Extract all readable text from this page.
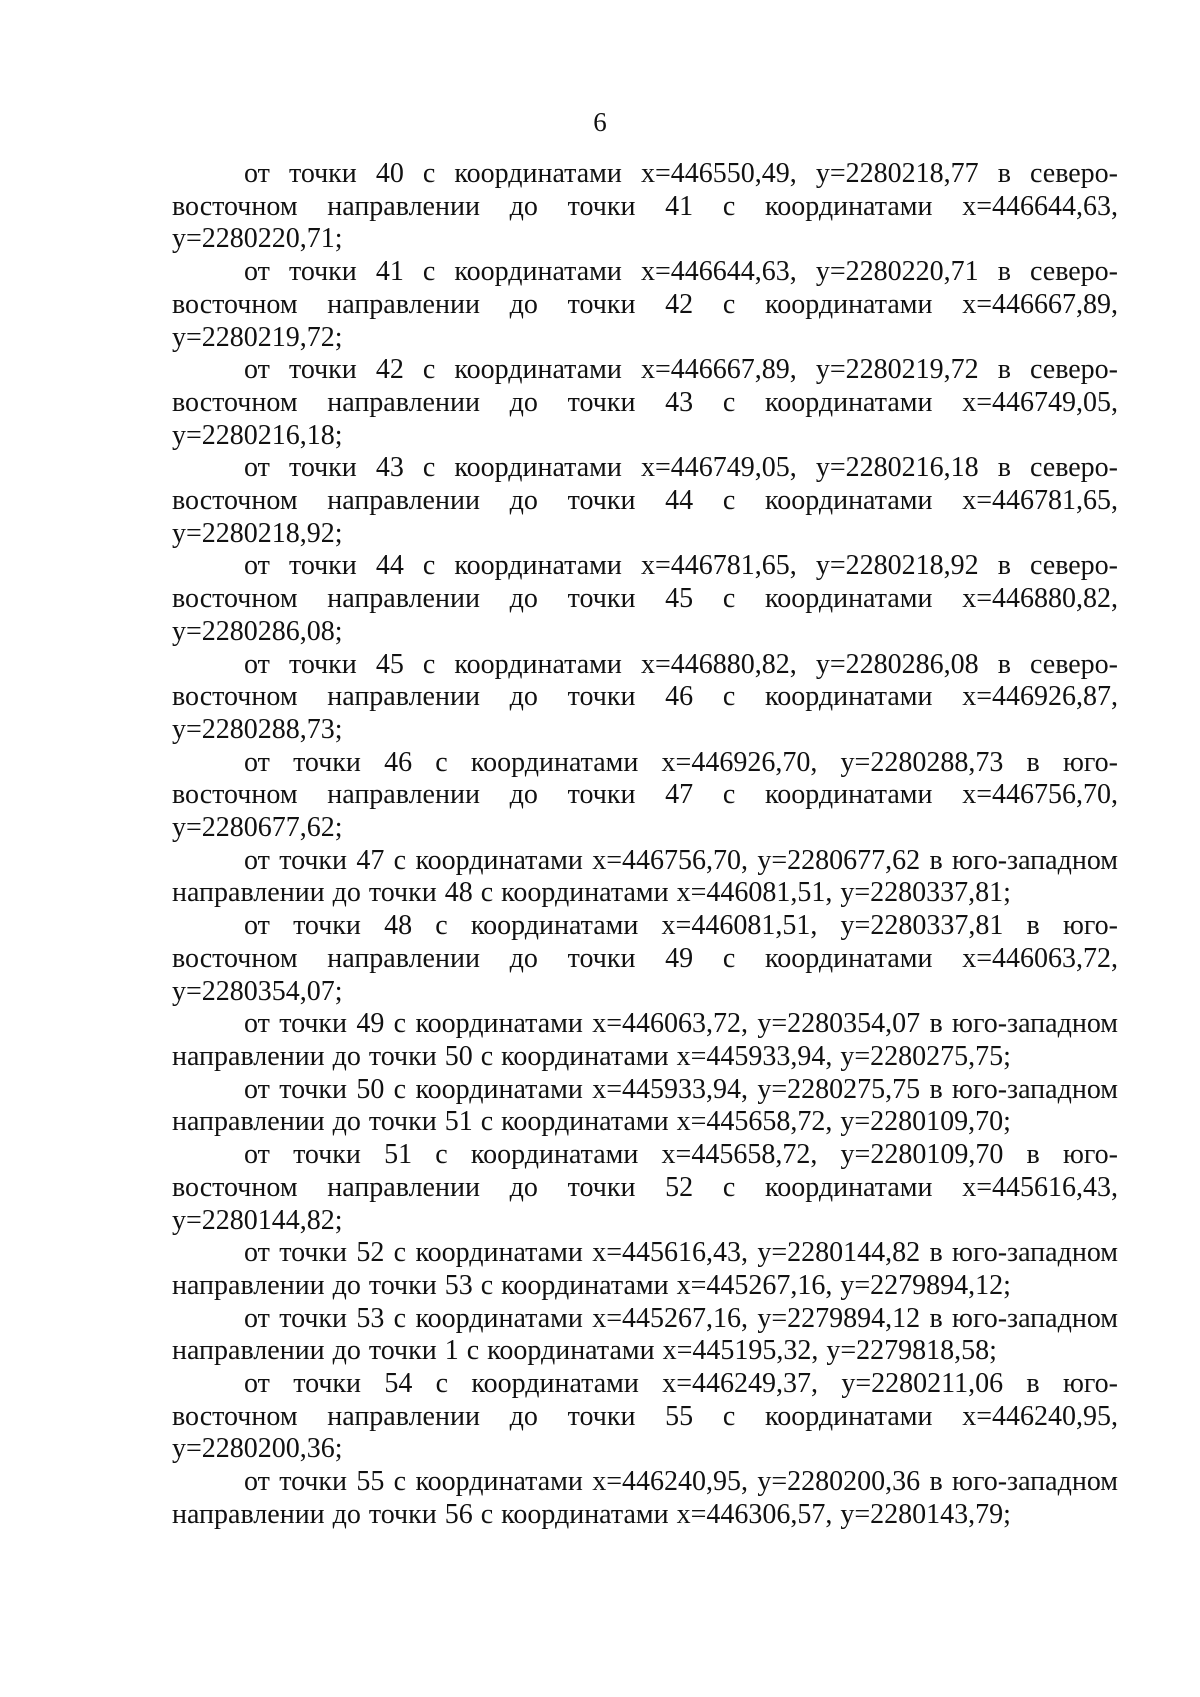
6

от точки 40 с координатами х=446550,49, у=2280218,77 в северо-восточном направлении до точки 41 с координатами х=446644,63, у=2280220,71;

от точки 41 с координатами х=446644,63, у=2280220,71 в северо-восточном направлении до точки 42 с координатами х=446667,89, у=2280219,72;

от точки 42 с координатами х=446667,89, у=2280219,72 в северо-восточном направлении до точки 43 с координатами х=446749,05, у=2280216,18;

от точки 43 с координатами х=446749,05, у=2280216,18 в северо-восточном направлении до точки 44 с координатами х=446781,65, у=2280218,92;

от точки 44 с координатами х=446781,65, у=2280218,92 в северо-восточном направлении до точки 45 с координатами х=446880,82, у=2280286,08;

от точки 45 с координатами х=446880,82, у=2280286,08 в северо-восточном направлении до точки 46 с координатами х=446926,87, у=2280288,73;

от точки 46 с координатами х=446926,70, у=2280288,73 в юго-восточном направлении до точки 47 с координатами х=446756,70, у=2280677,62;

от точки 47 с координатами х=446756,70, у=2280677,62 в юго-западном направлении до точки 48 с координатами х=446081,51, у=2280337,81;

от точки 48 с координатами х=446081,51, у=2280337,81 в юго-восточном направлении до точки 49 с координатами х=446063,72, у=2280354,07;

от точки 49 с координатами х=446063,72, у=2280354,07 в юго-западном направлении до точки 50 с координатами х=445933,94, у=2280275,75;

от точки 50 с координатами х=445933,94, у=2280275,75 в юго-западном направлении до точки 51 с координатами х=445658,72, у=2280109,70;

от точки 51 с координатами х=445658,72, у=2280109,70 в юго-восточном направлении до точки 52 с координатами х=445616,43, у=2280144,82;

от точки 52 с координатами х=445616,43, у=2280144,82 в юго-западном направлении до точки 53 с координатами х=445267,16, у=2279894,12;

от точки 53 с координатами х=445267,16, у=2279894,12 в юго-западном направлении до точки 1 с координатами х=445195,32, у=2279818,58;

от точки 54 с координатами х=446249,37, у=2280211,06 в юго-восточном направлении до точки 55 с координатами х=446240,95, у=2280200,36;

от точки 55 с координатами х=446240,95, у=2280200,36 в юго-западном направлении до точки 56 с координатами х=446306,57, у=2280143,79;
